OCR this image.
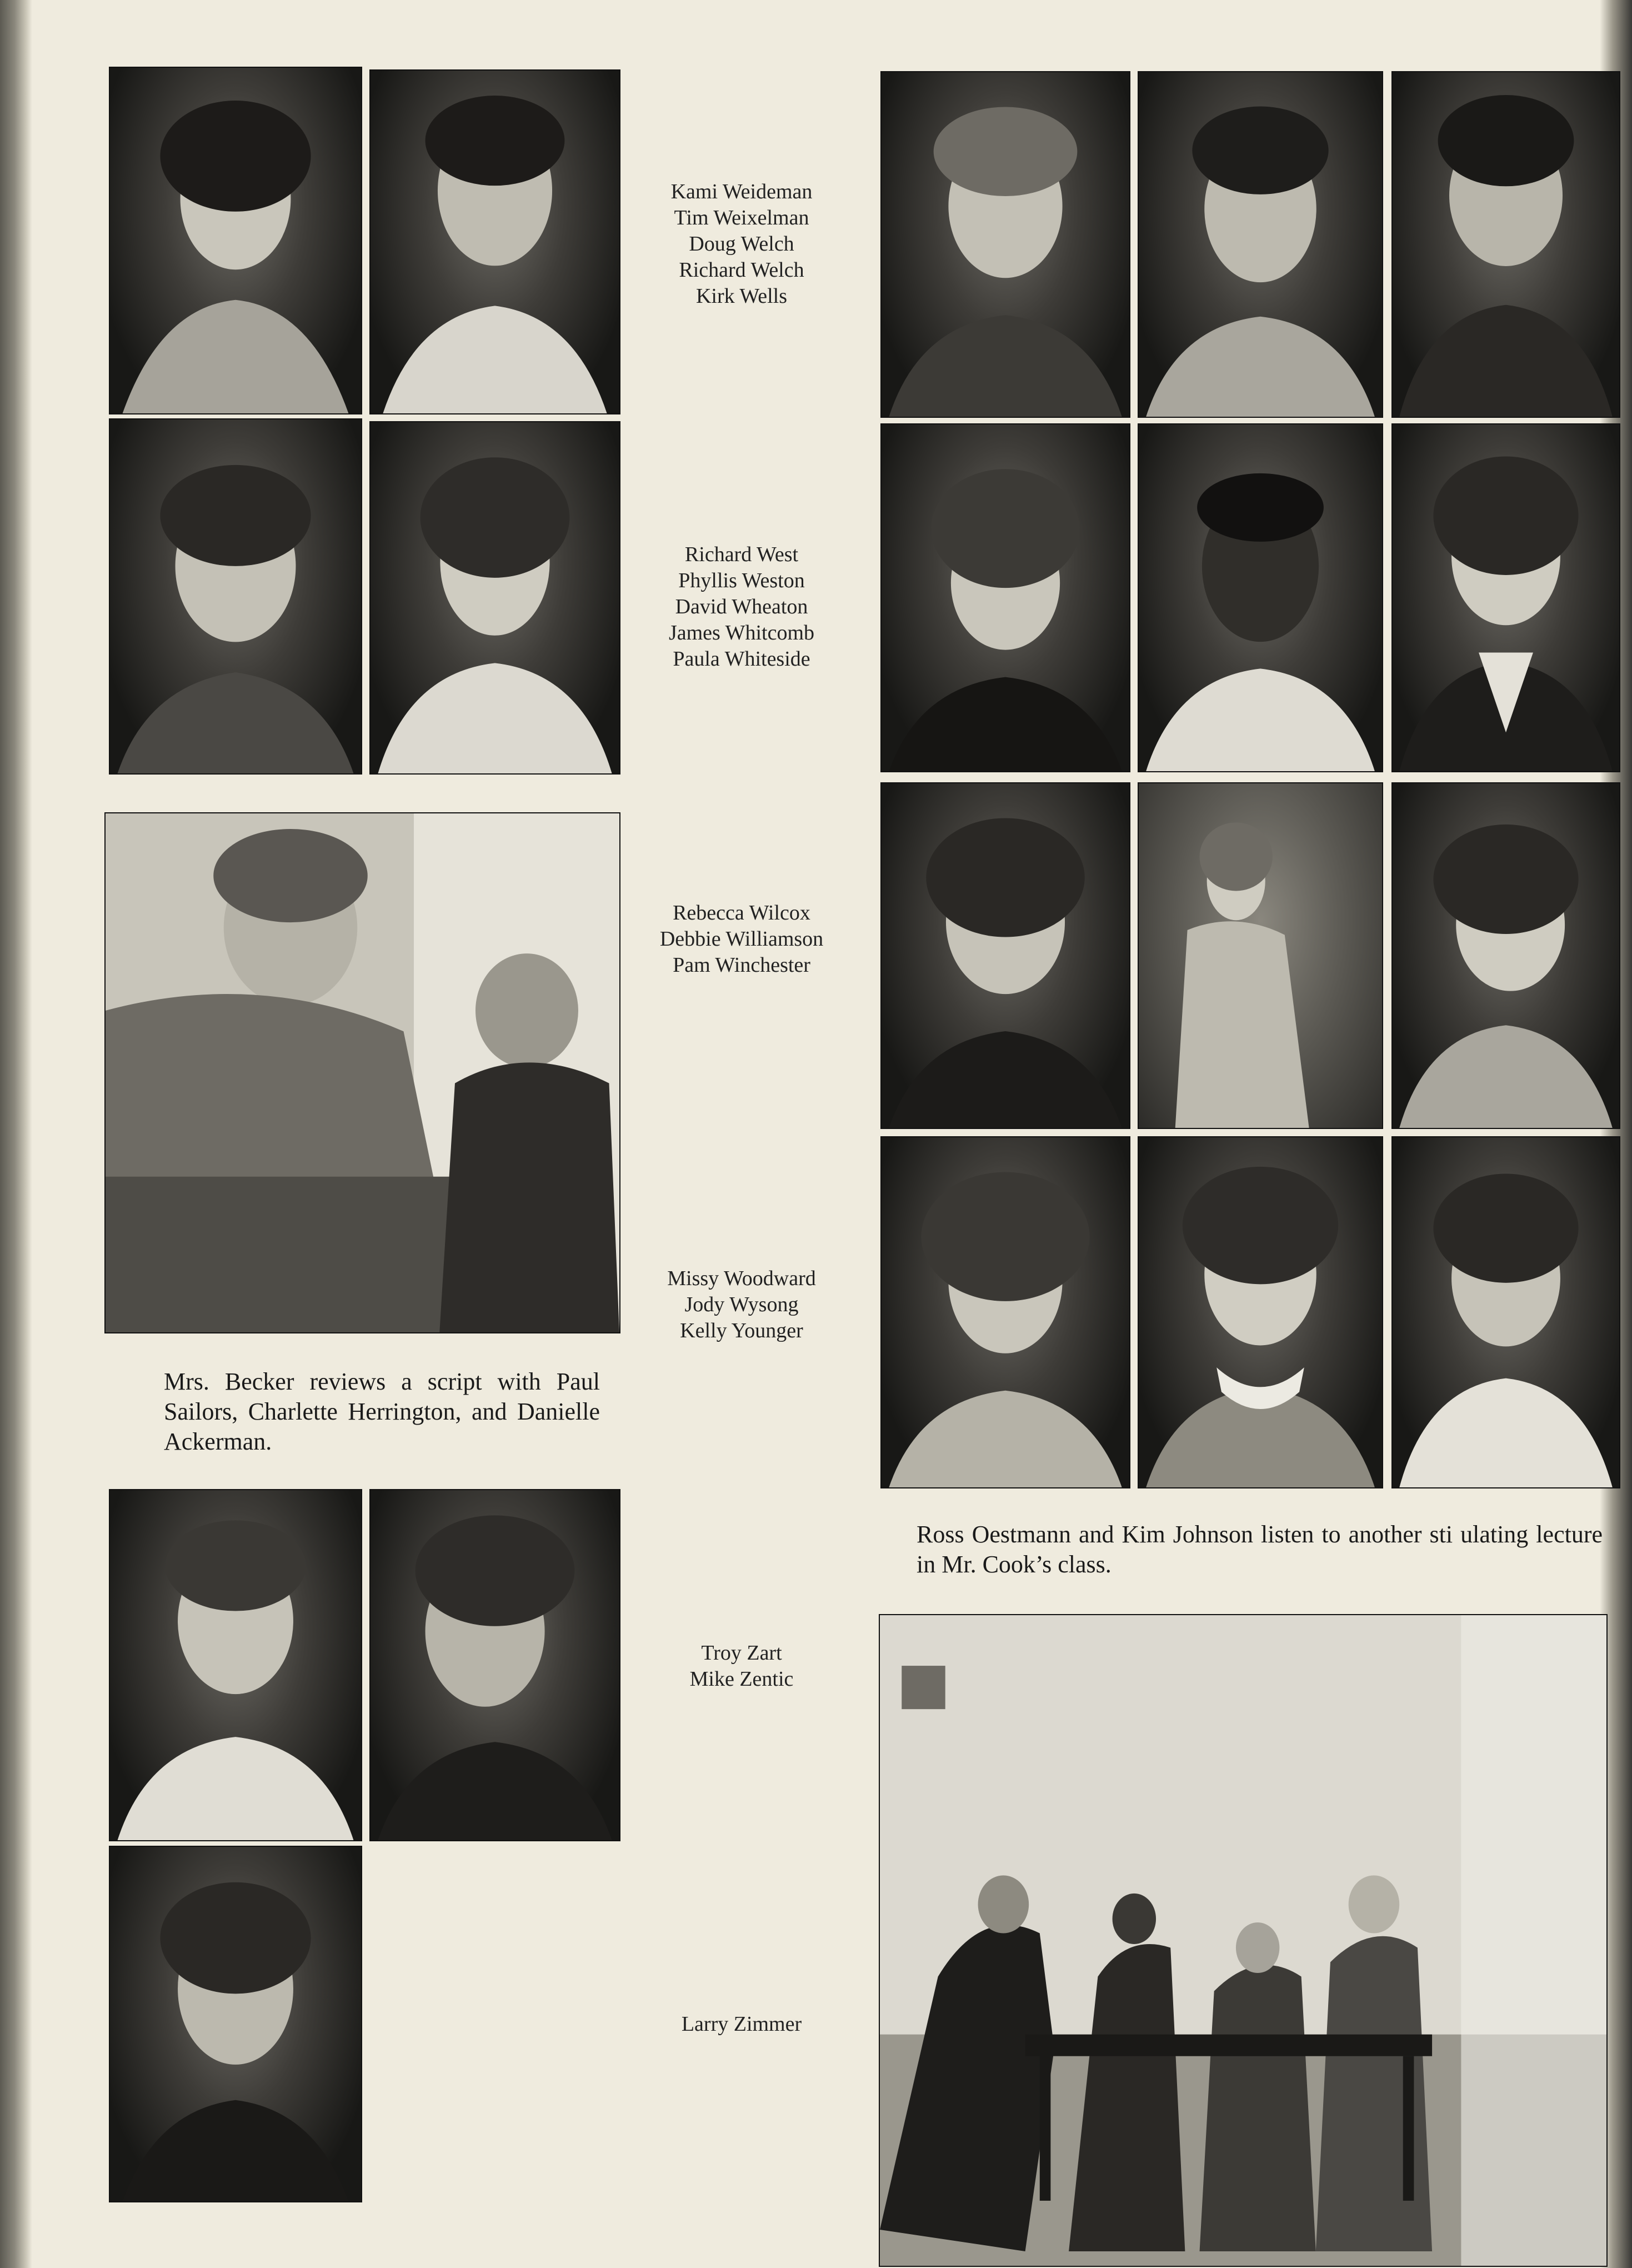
Kami Weideman
Tim Weixelman
Doug Welch
Richard Welch
Kirk Wells
Richard West
Phyllis Weston
David Wheaton
James Whitcomb
Paula Whiteside
Rebecca Wilcox
Debbie Williamson
Pam Winchester
Missy Woodward
Jody Wysong
Kelly Younger
Troy Zart
Mike Zentic
Larry Zimmer
Mrs. Becker reviews a script with Paul Sailors, Charlette Herrington, and Danielle Ackerman.
Ross Oestmann and Kim Johnson listen to another sti ulating lecture in Mr. Cook’s class.
